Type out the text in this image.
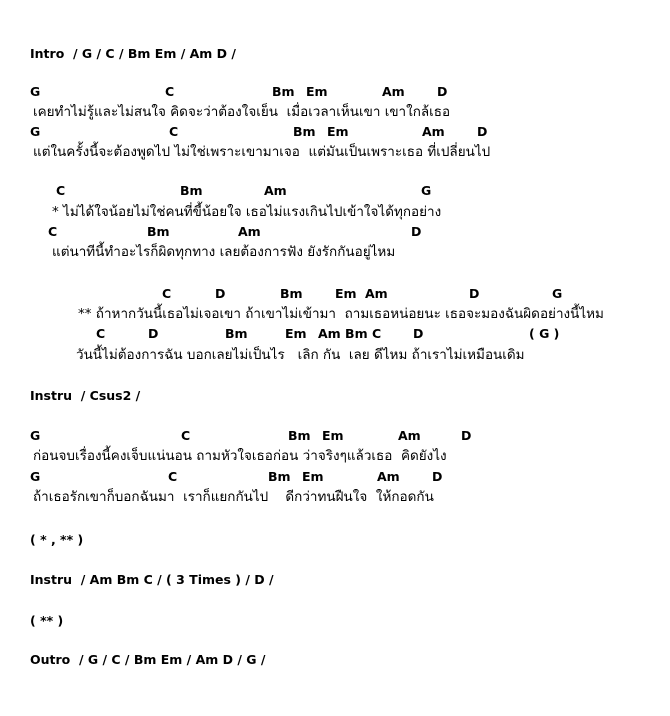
Intro  / G / C / Bm Em / Am D /
G	C	Bm Em	Am	D
เคยทำไม่รู้และไม่สนใจ คิดจะว่าต้องใจเย็น  เมื่อเวลาเห็นเขา เขาใกล้เธอ
G	C	Bm Em	Am	D
แต่ในครั้งนี้จะต้องพูดไป ไม่ใช่เพราะเขามาเจอ  แต่มันเป็นเพราะเธอ ที่เปลี่ยนไป
C	Bm	Am	G
* ไม่ได้ใจน้อยไม่ใช่คนที่ขี้น้อยใจ เธอไม่แรงเกินไปเข้าใจได้ทุกอย่าง
C	Bm	Am	D
แต่นาทีนี้ทำอะไรก็ผิดทุกทาง เลยต้องการฟัง ยังรักกันอยู่ไหม
C	D	Bm	Em Am	D	G
** ถ้าหากวันนี้เธอไม่เจอเขา ถ้าเขาไม่เข้ามา  ถามเธอหน่อยนะ เธอจะมองฉันผิดอย่างนี้ไหม
C	D	Bm	Em Am Bm C	D	( G )
วันนี้ไม่ต้องการฉัน บอกเลยไม่เป็นไร   เลิก กัน  เลย ดีไหม ถ้าเราไม่เหมือนเดิม
Instru  / Csus2 /
G	C	Bm Em	Am	D
ก่อนจบเรื่องนี้คงเจ็บแน่นอน ถามหัวใจเธอก่อน ว่าจริงๆแล้วเธอ  คิดยังไง
G	C	Bm Em	Am	D
ถ้าเธอรักเขาก็บอกฉันมา  เราก็แยกกันไป    ดีกว่าทนฝืนใจ  ให้กอดกัน
( * , ** )
Instru  / Am Bm C / ( 3 Times ) / D /
( ** )
Outro  / G / C / Bm Em / Am D / G /
